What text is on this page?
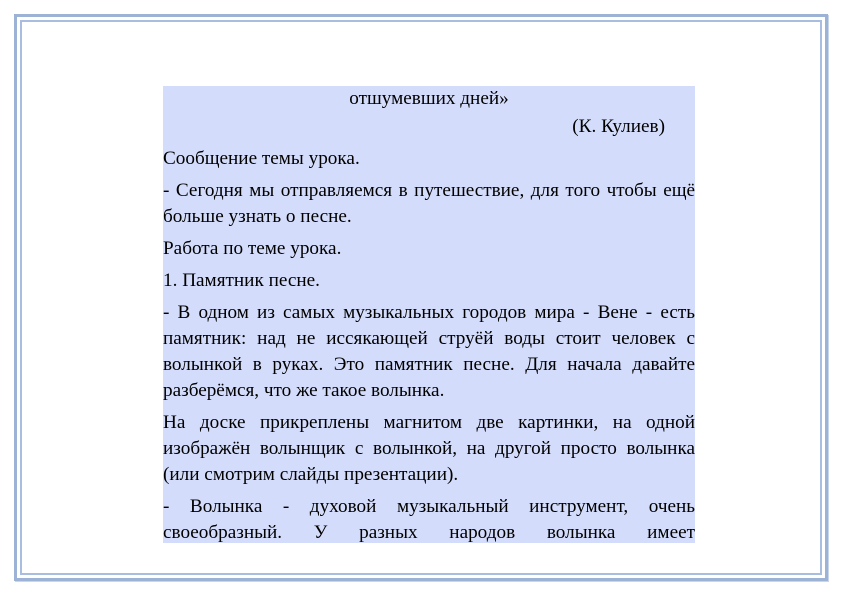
отшумевших дней»

(К. Кулиев)

Сообщение темы урока.

- Сегодня мы отправляемся в путешествие, для того чтобы ещё больше узнать о песне.

Работа по теме урока.

1. Памятник песне.

- В одном из самых музыкальных городов мира - Вене - есть памятник: над не иссякающей струёй воды стоит человек с волынкой в руках. Это памятник песне. Для начала давайте разберёмся, что же такое волынка.

На доске прикреплены магнитом две картинки, на одной изображён волынщик с волынкой, на другой просто волынка (или смотрим слайды презентации).

- Волынка - духовой музыкальный инструмент, очень своеобразный. У разных народов волынка имеет
